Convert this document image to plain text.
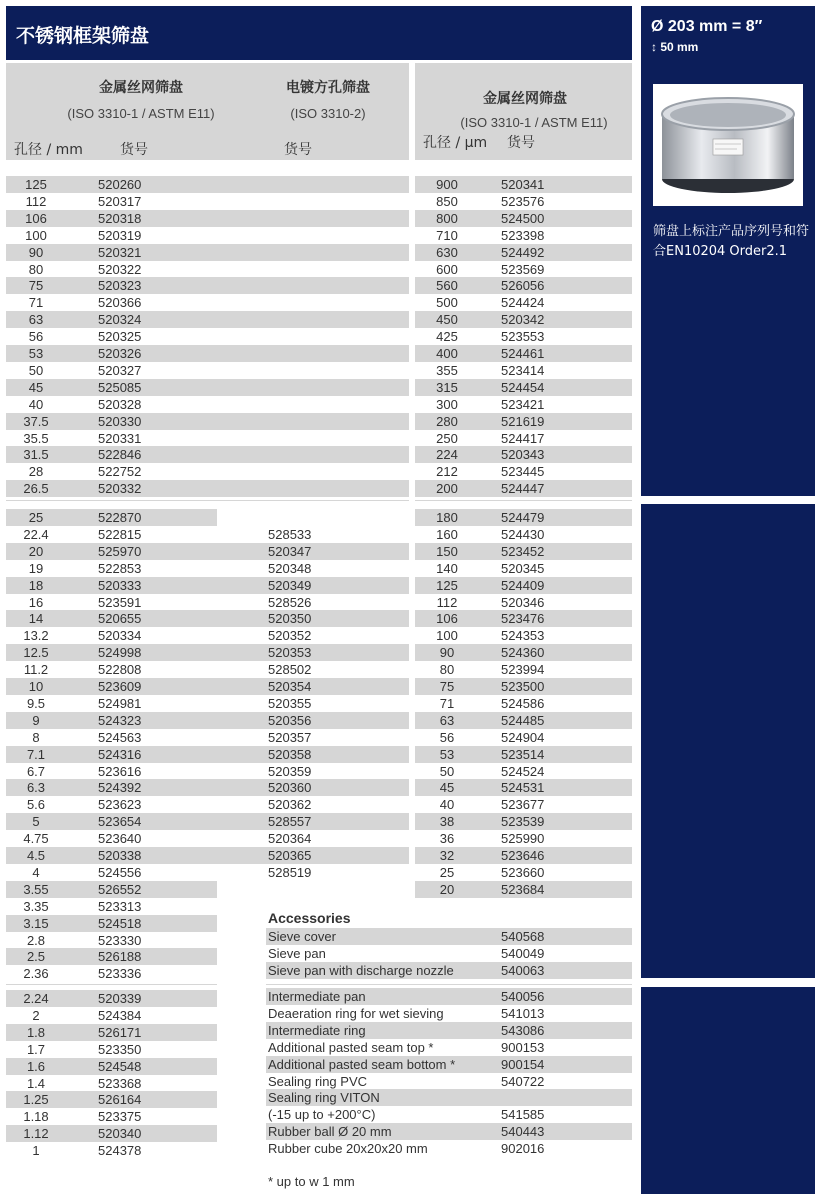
不锈钢框架筛盘	Ø 203 mm = 8″
↕ 50 mm
筛盘上标注产品序列号和符合EN10204 Order2.1
金属丝网筛盘
(ISO 3310-1 / ASTM E11)
电镀方孔筛盘
(ISO 3310-2)
孔径 / mm	货号	货号
金属丝网筛盘
(ISO 3310-1 / ASTM E11)
孔径 / µm 货号
125	520260
112	520317
106	520318
100	520319
90	520321
80	520322
75	520323
71	520366
63	520324
56	520325
53	520326
50	520327
45	525085
40	520328
37.5	520330
35.5	520331
31.5	522846
28	522752
26.5	520332
25	522870
22.4	522815	528533
20	525970	520347
19	522853	520348
18	520333	520349
16	523591	528526
14	520655	520350
13.2	520334	520352
12.5	524998	520353
11.2	522808	528502
10	523609	520354
9.5	524981	520355
9	524323	520356
8	524563	520357
7.1	524316	520358
6.7	523616	520359
6.3	524392	520360
5.6	523623	520362
5	523654	528557
4.75	523640	520364
4.5	520338	520365
4	524556	528519
3.55	526552
3.35	523313
3.15	524518
2.8	523330
2.5	526188
2.36	523336
2.24	520339
2	524384
1.8	526171
1.7	523350
1.6	524548
1.4	523368
1.25	526164
1.18	523375
1.12	520340
1	524378
900	520341
850	523576
800	524500
710	523398
630	524492
600	523569
560	526056
500	524424
450	520342
425	523553
400	524461
355	523414
315	524454
300	523421
280	521619
250	524417
224	520343
212	523445
200	524447
180	524479
160	524430
150	523452
140	520345
125	524409
112	520346
106	523476
100	524353
90	524360
80	523994
75	523500
71	524586
63	524485
56	524904
53	523514
50	524524
45	524531
40	523677
38	523539
36	525990
32	523646
25	523660
20	523684
Sieve cover	540568
Sieve pan	540049
Sieve pan with discharge nozzle	540063
Intermediate pan	540056
Deaeration ring for wet sieving	541013
Intermediate ring	543086
Additional pasted seam top *	900153
Additional pasted seam bottom *	900154
Sealing ring PVC	540722
Sealing ring VITON
(-15 up to +200°C)	541585
Rubber ball Ø 20 mm	540443
Rubber cube 20x20x20 mm	902016
Accessories
* up to w 1 mm
